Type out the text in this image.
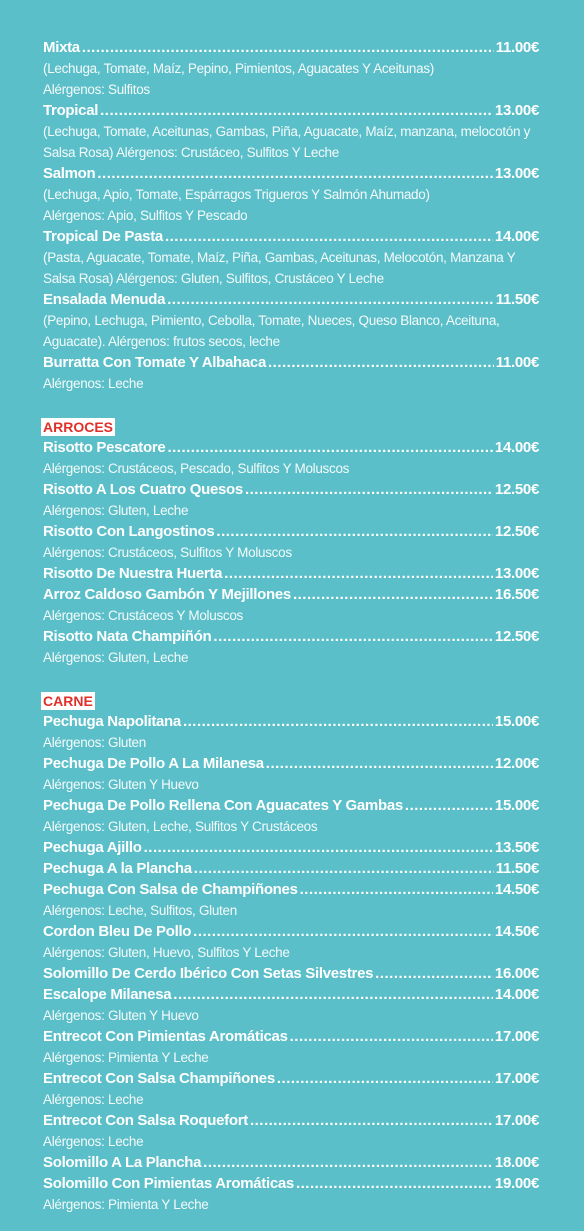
Mixta .....	11.00€
(Lechuga, Tomate, Maíz, Pepino, Pimientos, Aguacates Y Aceitunas)
Alérgenos: Sulfitos
Tropical .....	13.00€
(Lechuga, Tomate, Aceitunas, Gambas, Piña, Aguacate, Maíz, manzana, melocotón y Salsa Rosa) Alérgenos: Crustáceo, Sulfitos Y Leche
Salmon .....	13.00€
(Lechuga, Apio, Tomate, Espárragos Trigueros Y Salmón Ahumado)
Alérgenos: Apio, Sulfitos Y Pescado
Tropical De Pasta .....	14.00€
(Pasta, Aguacate, Tomate, Maíz, Piña, Gambas, Aceitunas, Melocotón, Manzana Y Salsa Rosa) Alérgenos: Gluten, Sulfitos, Crustáceo Y Leche
Ensalada Menuda .....	11.50€
(Pepino, Lechuga, Pimiento, Cebolla, Tomate, Nueces, Queso Blanco, Aceituna, Aguacate). Alérgenos: frutos secos, leche
Burratta Con Tomate Y Albahaca .....	11.00€
Alérgenos: Leche
ARROCES
Risotto Pescatore .....	14.00€
Alérgenos: Crustáceos, Pescado, Sulfitos Y Moluscos
Risotto A Los Cuatro Quesos .....	12.50€
Alérgenos: Gluten, Leche
Risotto Con Langostinos .....	12.50€
Alérgenos: Crustáceos, Sulfitos Y Moluscos
Risotto De Nuestra Huerta .....	13.00€
Arroz Caldoso Gambón Y Mejillones .....	16.50€
Alérgenos: Crustáceos Y Moluscos
Risotto Nata Champiñón .....	12.50€
Alérgenos: Gluten, Leche
CARNE
Pechuga Napolitana .....	15.00€
Alérgenos: Gluten
Pechuga De Pollo A La Milanesa .....	12.00€
Alérgenos: Gluten Y Huevo
Pechuga De Pollo Rellena Con Aguacates Y Gambas .....	15.00€
Alérgenos: Gluten, Leche, Sulfitos Y Crustáceos
Pechuga Ajillo .....	13.50€
Pechuga A la Plancha .....	11.50€
Pechuga Con Salsa de Champiñones .....	14.50€
Alérgenos: Leche, Sulfitos, Gluten
Cordon Bleu De Pollo .....	14.50€
Alérgenos: Gluten, Huevo, Sulfitos Y Leche
Solomillo De Cerdo Ibérico Con Setas Silvestres .....	16.00€
Escalope Milanesa .....	14.00€
Alérgenos: Gluten Y Huevo
Entrecot Con Pimientas Aromáticas .....	17.00€
Alérgenos: Pimienta Y Leche
Entrecot Con Salsa Champiñones .....	17.00€
Alérgenos: Leche
Entrecot Con Salsa Roquefort .....	17.00€
Alérgenos: Leche
Solomillo A La Plancha .....	18.00€
Solomillo Con Pimientas Aromáticas .....	19.00€
Alérgenos: Pimienta Y Leche
